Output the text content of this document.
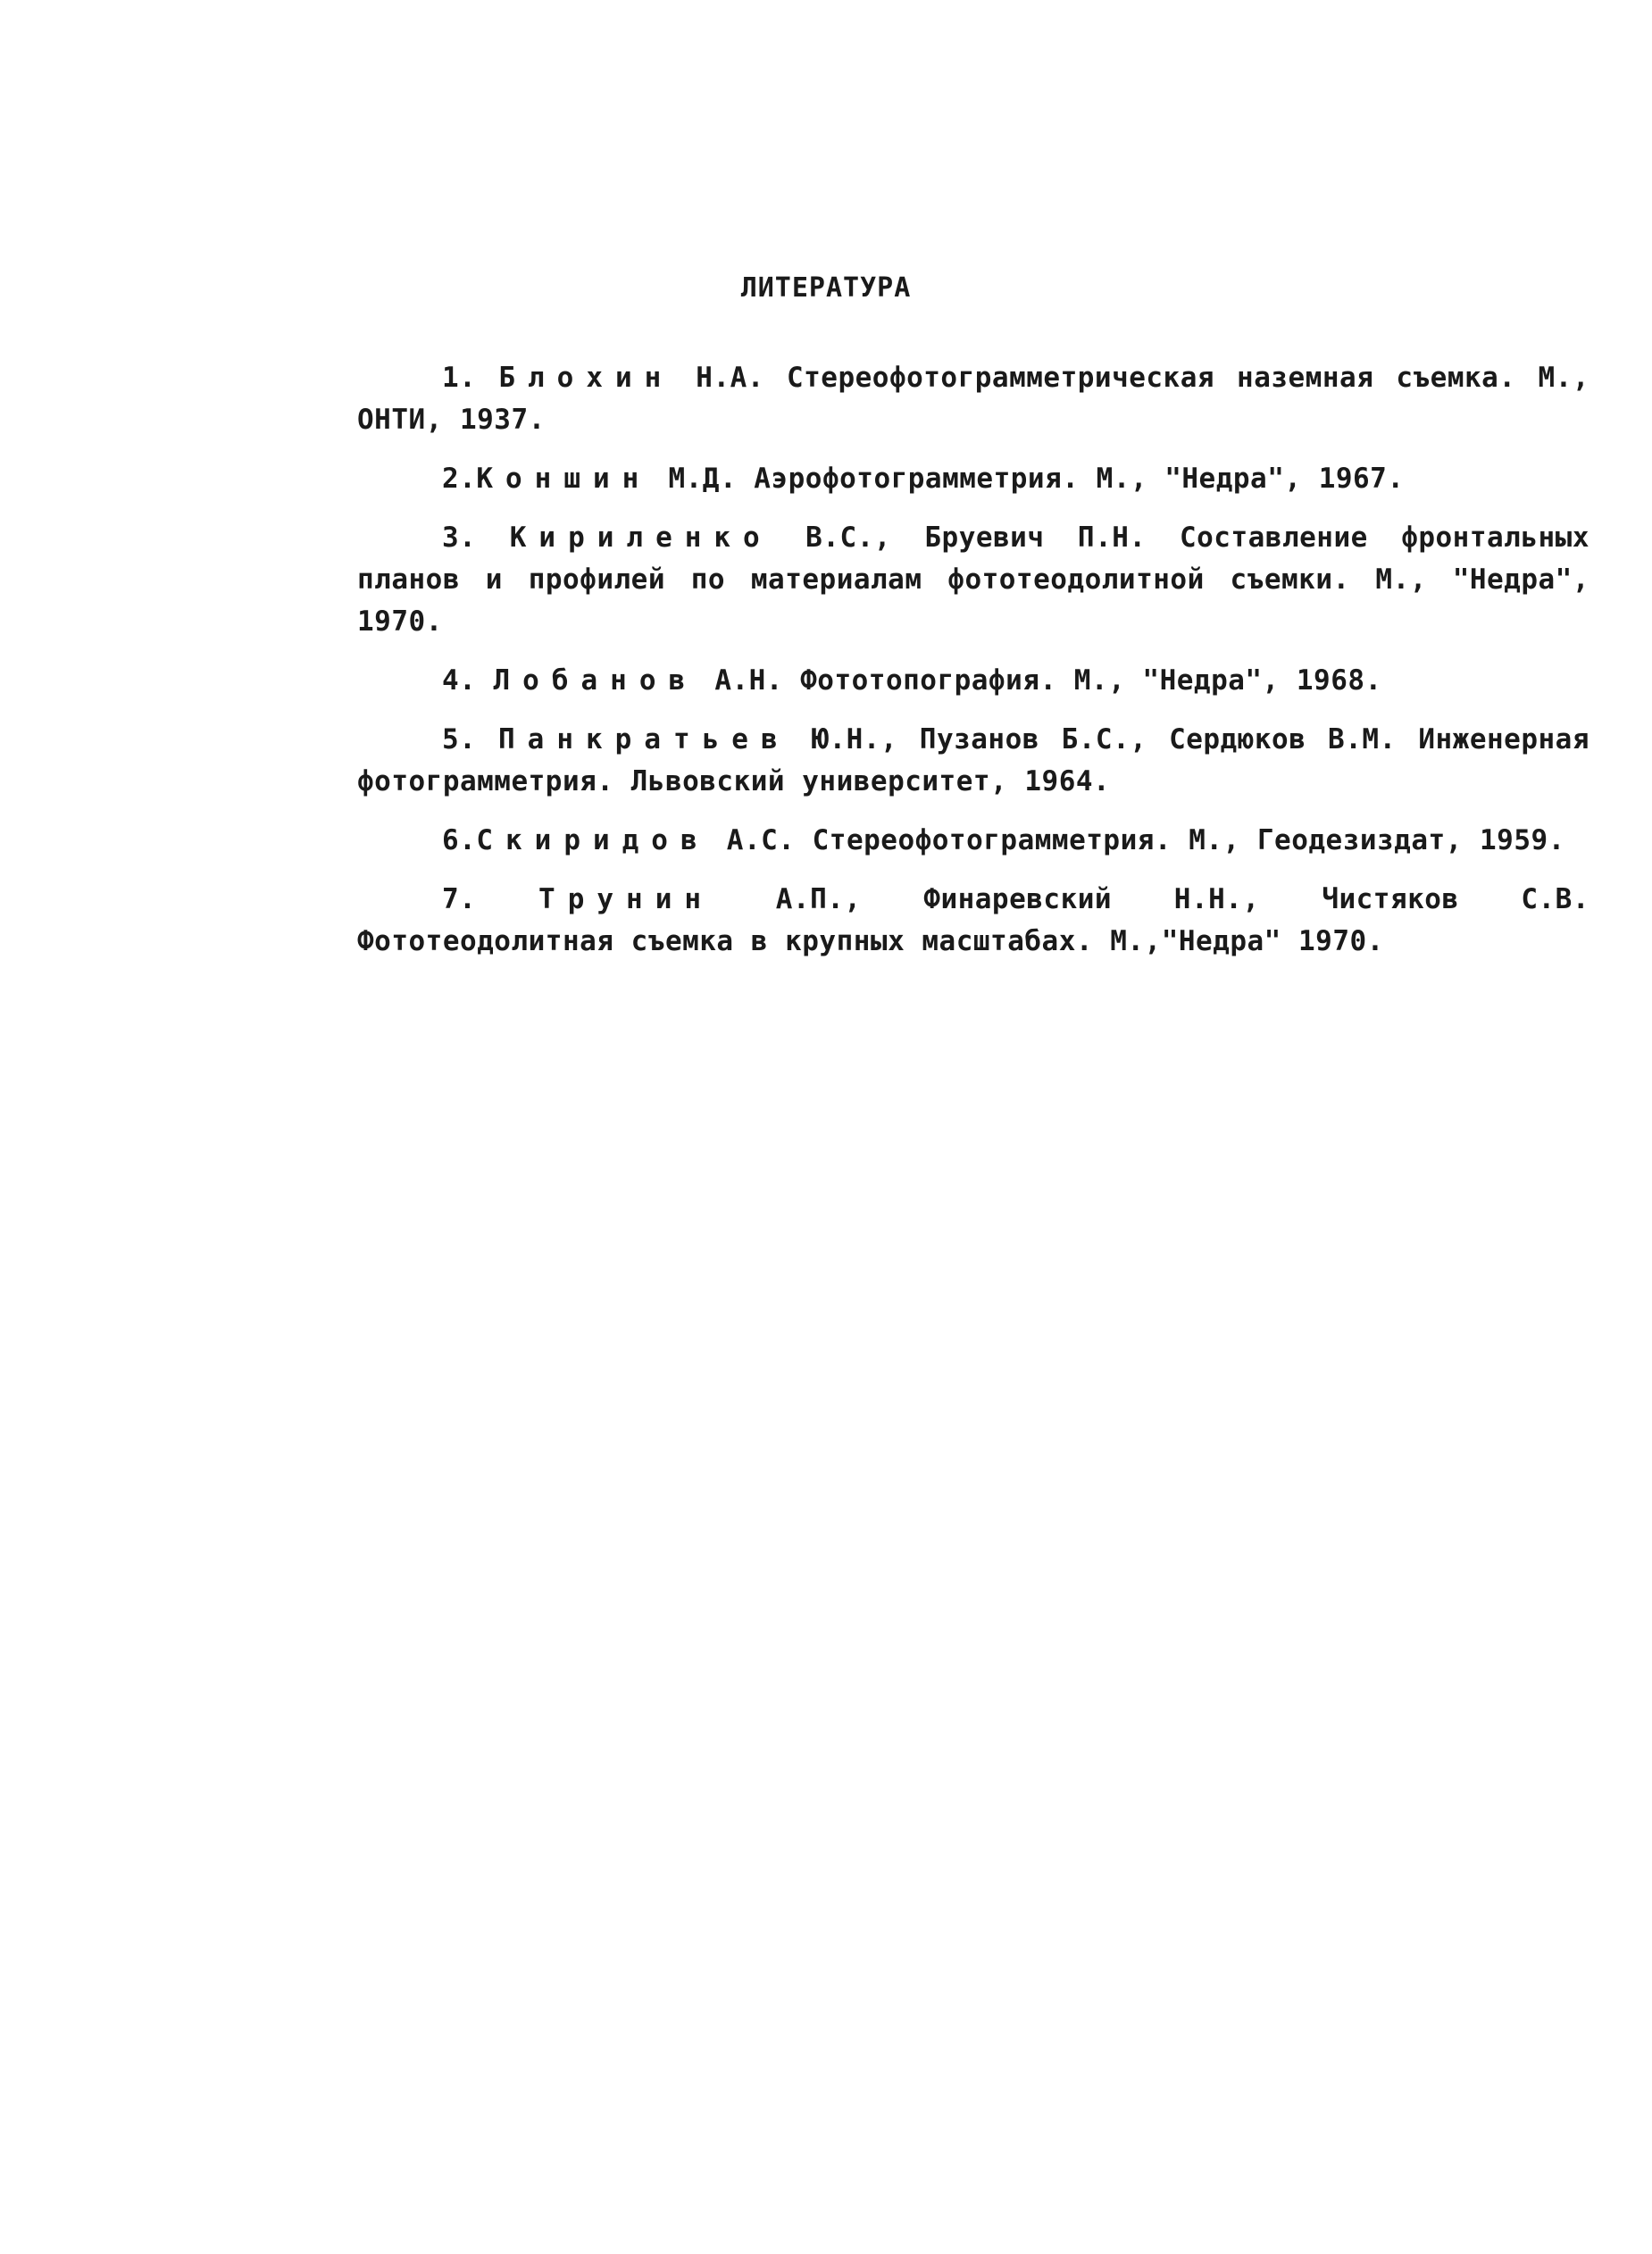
ЛИТЕРАТУРА

1. Блохин Н.А. Стереофотограмметрическая наземная съемка. М., ОНТИ, 1937.

2.Коншин М.Д. Аэрофотограмметрия. М., "Недра", 1967.

3. Кириленко В.С., Бруевич П.Н. Составление фронтальных планов и профилей по материалам фототеодолитной съемки. М., "Недра", 1970.

4. Лобанов А.Н. Фототопография. М., "Недра", 1968.

5. Панкратьев Ю.Н., Пузанов Б.С., Сердюков В.М. Инженерная фотограмметрия. Львовский университет, 1964.

6.Скиридов А.С. Стереофотограмметрия. М., Геодезиздат, 1959.

7. Трунин А.П., Финаревский Н.Н., Чистяков С.В. Фототеодолитная съемка в крупных масштабах. М.,"Недра" 1970.
